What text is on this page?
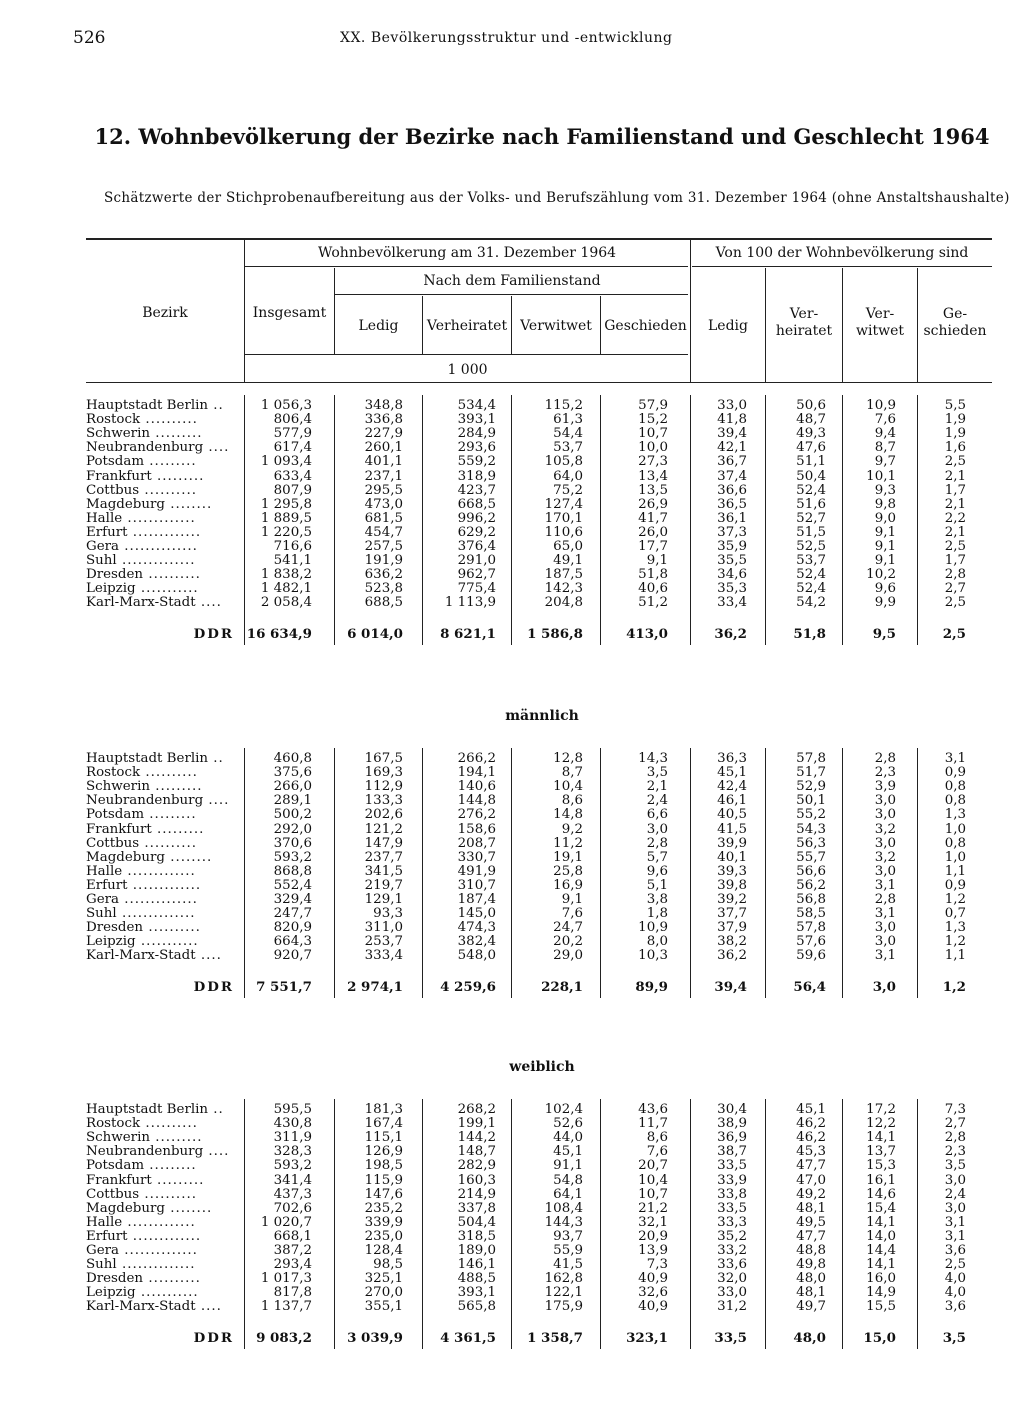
526	XX. Bevölkerungsstruktur und -entwicklung
12. Wohnbevölkerung der Bezirke nach Familienstand und Geschlecht 1964
Schätzwerte der Stichprobenaufbereitung aus der Volks- und Berufszählung vom 31. Dezember 1964 (ohne Anstaltshaushalte)
Bezirk
Wohnbevölkerung am 31. Dezember 1964	Von 100 der Wohnbevölkerung sind
Insgesamt
Nach dem Familienstand
Ledig	Verheiratet Verwitwet Geschieden	Ledig
Ver-
heiratet
Ver-
witwet
Ge-
schieden
1 000
Hauptstadt Berlin ..	1 056,3	348,8	534,4	115,2	57,9	33,0	50,6	10,9	5,5
Rostock ..........	806,4	336,8	393,1	61,3	15,2	41,8	48,7	7,6	1,9
Schwerin .........	577,9	227,9	284,9	54,4	10,7	39,4	49,3	9,4	1,9
Neubrandenburg ....	617,4	260,1	293,6	53,7	10,0	42,1	47,6	8,7	1,6
Potsdam .........	1 093,4	401,1	559,2	105,8	27,3	36,7	51,1	9,7	2,5
Frankfurt .........	633,4	237,1	318,9	64,0	13,4	37,4	50,4	10,1	2,1
Cottbus ..........	807,9	295,5	423,7	75,2	13,5	36,6	52,4	9,3	1,7
Magdeburg ........	1 295,8	473,0	668,5	127,4	26,9	36,5	51,6	9,8	2,1
Halle .............	1 889,5	681,5	996,2	170,1	41,7	36,1	52,7	9,0	2,2
Erfurt .............	1 220,5	454,7	629,2	110,6	26,0	37,3	51,5	9,1	2,1
Gera ..............	716,6	257,5	376,4	65,0	17,7	35,9	52,5	9,1	2,5
Suhl ..............	541,1	191,9	291,0	49,1	9,1	35,5	53,7	9,1	1,7
Dresden ..........	1 838,2	636,2	962,7	187,5	51,8	34,6	52,4	10,2	2,8
Leipzig ...........	1 482,1	523,8	775,4	142,3	40,6	35,3	52,4	9,6	2,7
Karl-Marx-Stadt ....	2 058,4	688,5	1 113,9	204,8	51,2	33,4	54,2	9,9	2,5
DDR 16 634,9	6 014,0	8 621,1	1 586,8	413,0	36,2	51,8	9,5	2,5
männlich
Hauptstadt Berlin ..	460,8	167,5	266,2	12,8	14,3	36,3	57,8	2,8	3,1
Rostock ..........	375,6	169,3	194,1	8,7	3,5	45,1	51,7	2,3	0,9
Schwerin .........	266,0	112,9	140,6	10,4	2,1	42,4	52,9	3,9	0,8
Neubrandenburg ....	289,1	133,3	144,8	8,6	2,4	46,1	50,1	3,0	0,8
Potsdam .........	500,2	202,6	276,2	14,8	6,6	40,5	55,2	3,0	1,3
Frankfurt .........	292,0	121,2	158,6	9,2	3,0	41,5	54,3	3,2	1,0
Cottbus ..........	370,6	147,9	208,7	11,2	2,8	39,9	56,3	3,0	0,8
Magdeburg ........	593,2	237,7	330,7	19,1	5,7	40,1	55,7	3,2	1,0
Halle .............	868,8	341,5	491,9	25,8	9,6	39,3	56,6	3,0	1,1
Erfurt .............	552,4	219,7	310,7	16,9	5,1	39,8	56,2	3,1	0,9
Gera ..............	329,4	129,1	187,4	9,1	3,8	39,2	56,8	2,8	1,2
Suhl ..............	247,7	93,3	145,0	7,6	1,8	37,7	58,5	3,1	0,7
Dresden ..........	820,9	311,0	474,3	24,7	10,9	37,9	57,8	3,0	1,3
Leipzig ...........	664,3	253,7	382,4	20,2	8,0	38,2	57,6	3,0	1,2
Karl-Marx-Stadt ....	920,7	333,4	548,0	29,0	10,3	36,2	59,6	3,1	1,1
DDR	7 551,7	2 974,1	4 259,6	228,1	89,9	39,4	56,4	3,0	1,2
weiblich
Hauptstadt Berlin ..	595,5	181,3	268,2	102,4	43,6	30,4	45,1	17,2	7,3
Rostock ..........	430,8	167,4	199,1	52,6	11,7	38,9	46,2	12,2	2,7
Schwerin .........	311,9	115,1	144,2	44,0	8,6	36,9	46,2	14,1	2,8
Neubrandenburg ....	328,3	126,9	148,7	45,1	7,6	38,7	45,3	13,7	2,3
Potsdam .........	593,2	198,5	282,9	91,1	20,7	33,5	47,7	15,3	3,5
Frankfurt .........	341,4	115,9	160,3	54,8	10,4	33,9	47,0	16,1	3,0
Cottbus ..........	437,3	147,6	214,9	64,1	10,7	33,8	49,2	14,6	2,4
Magdeburg ........	702,6	235,2	337,8	108,4	21,2	33,5	48,1	15,4	3,0
Halle .............	1 020,7	339,9	504,4	144,3	32,1	33,3	49,5	14,1	3,1
Erfurt .............	668,1	235,0	318,5	93,7	20,9	35,2	47,7	14,0	3,1
Gera ..............	387,2	128,4	189,0	55,9	13,9	33,2	48,8	14,4	3,6
Suhl ..............	293,4	98,5	146,1	41,5	7,3	33,6	49,8	14,1	2,5
Dresden ..........	1 017,3	325,1	488,5	162,8	40,9	32,0	48,0	16,0	4,0
Leipzig ...........	817,8	270,0	393,1	122,1	32,6	33,0	48,1	14,9	4,0
Karl-Marx-Stadt ....	1 137,7	355,1	565,8	175,9	40,9	31,2	49,7	15,5	3,6
DDR	9 083,2	3 039,9	4 361,5	1 358,7	323,1	33,5	48,0	15,0	3,5
